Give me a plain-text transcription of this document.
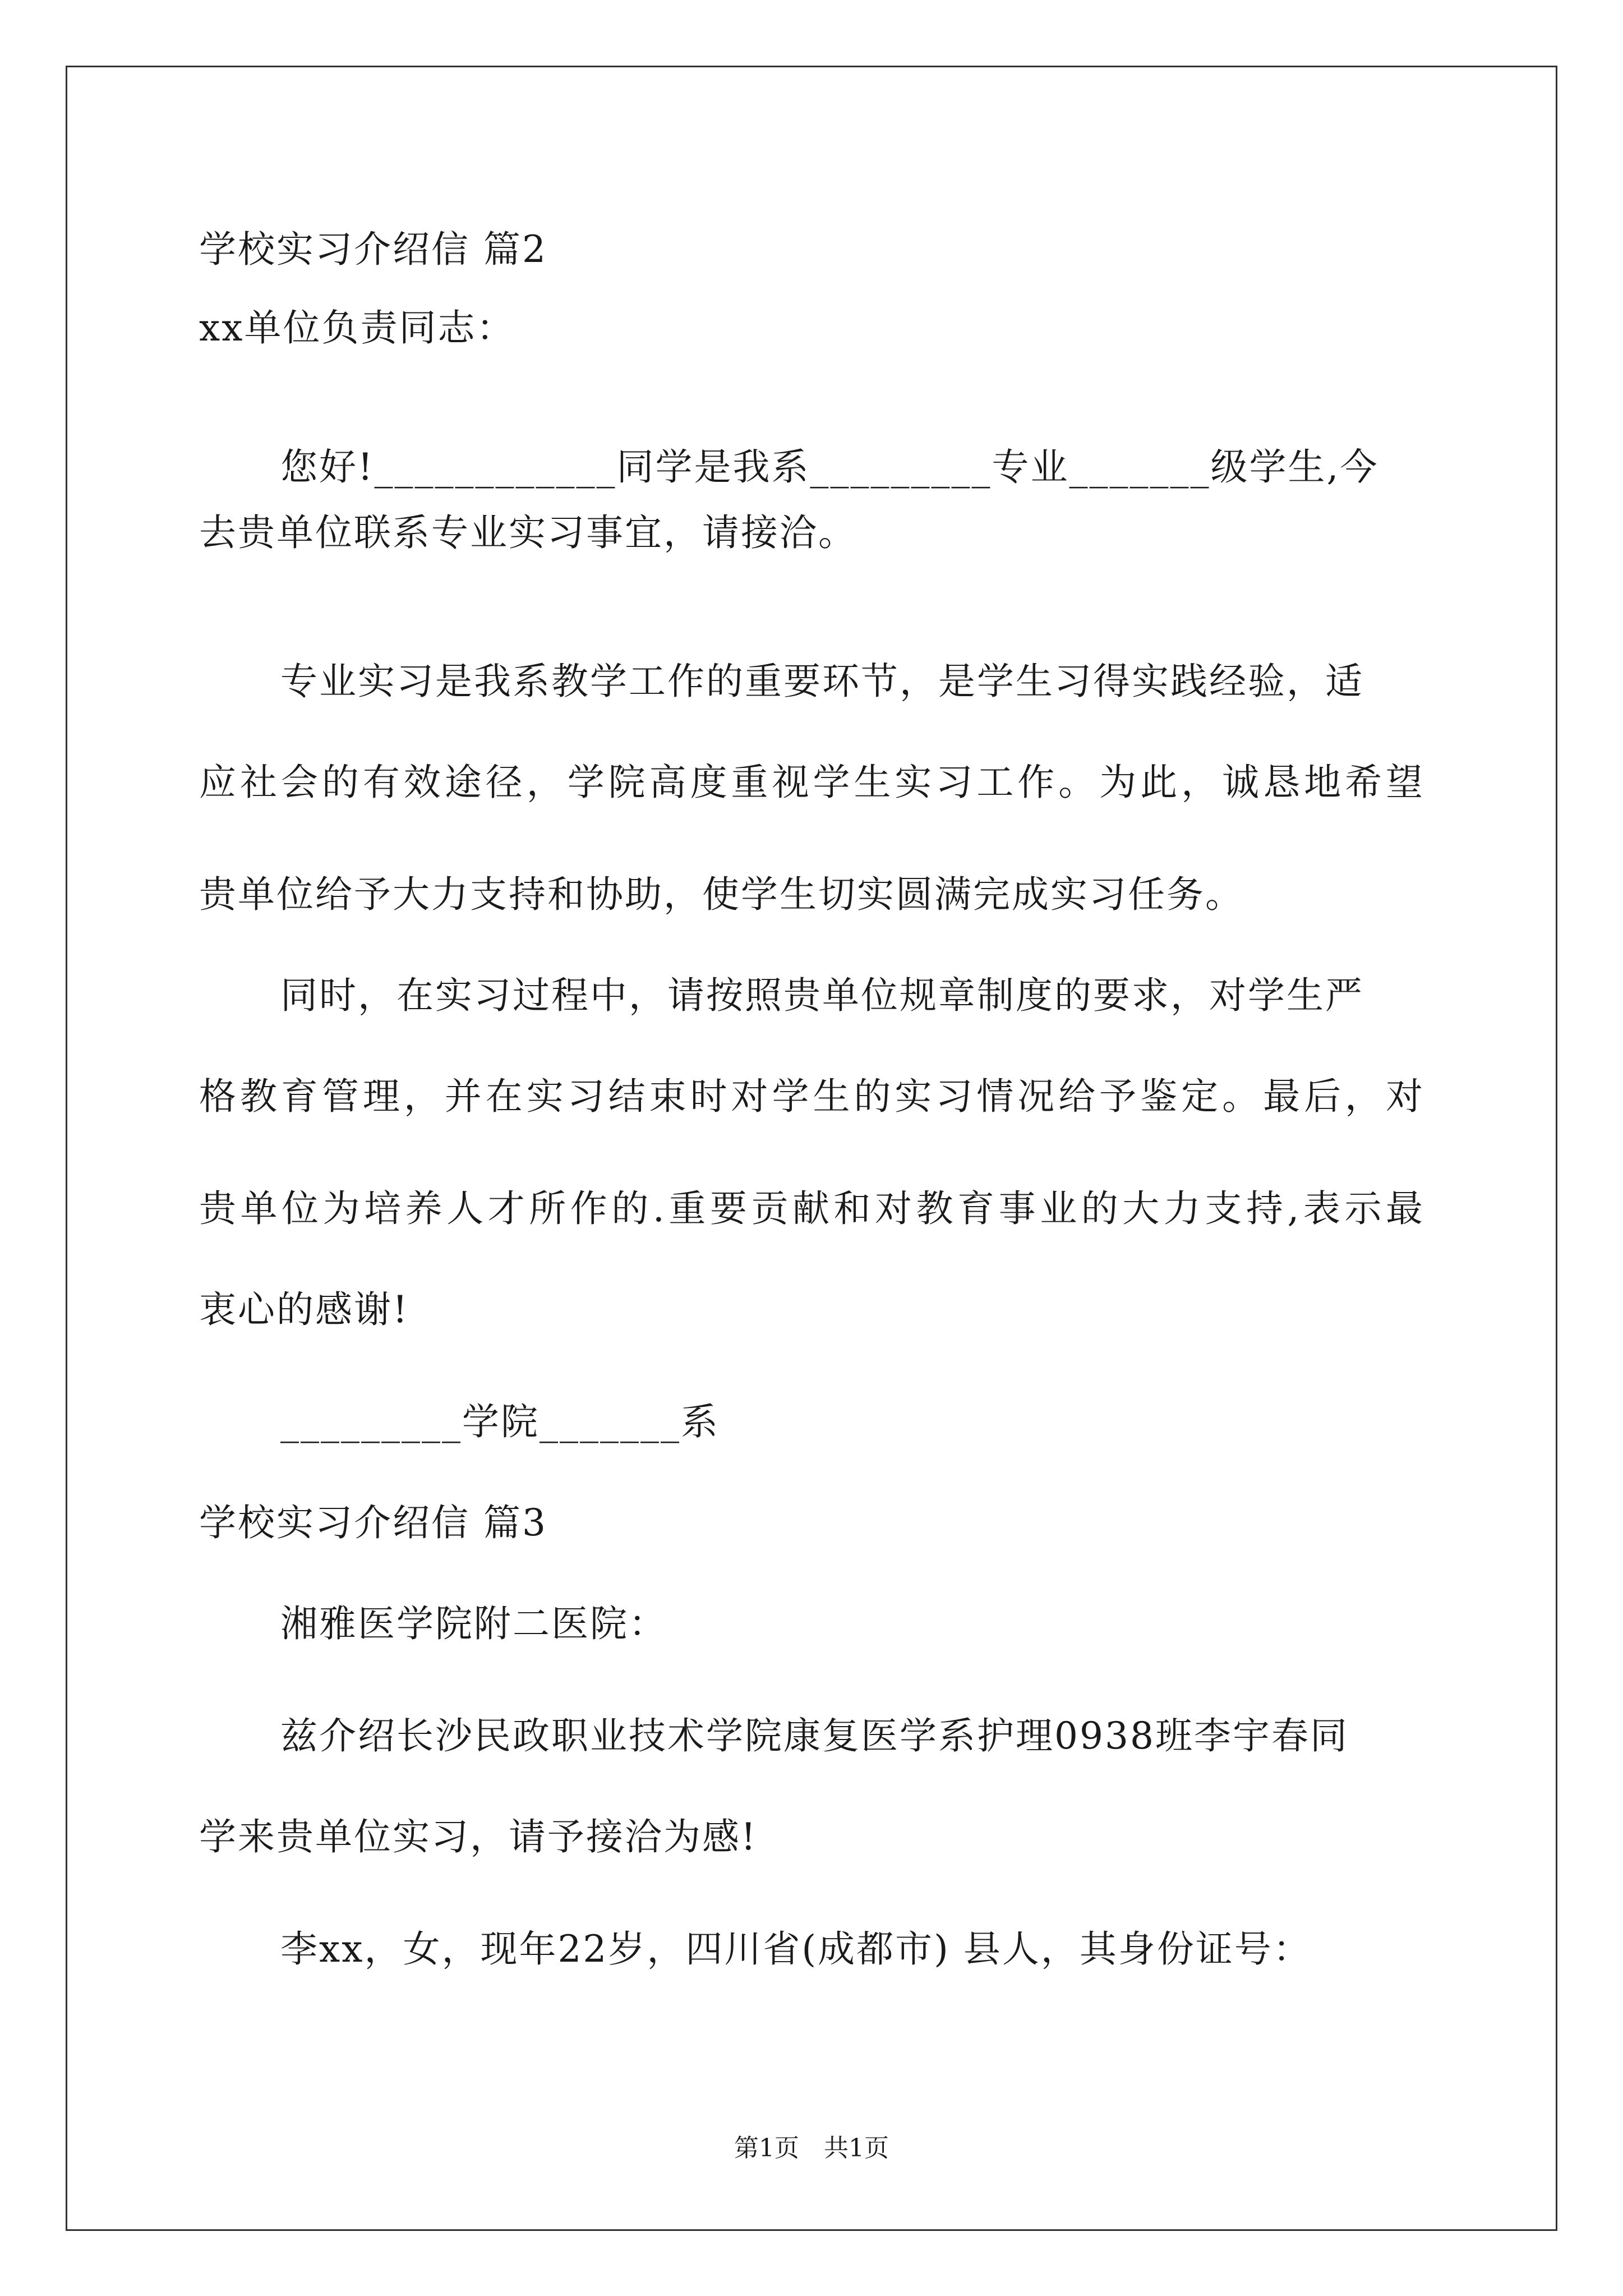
学校实习介绍信 篇2
xx单位负责同志：
您好!____________同学是我系_________专业_______级学生,今
去贵单位联系专业实习事宜，请接洽。
专业实习是我系教学工作的重要环节，是学生习得实践经验，适
应社会的有效途径，学院高度重视学生实习工作。为此，诚恳地希望
贵单位给予大力支持和协助，使学生切实圆满完成实习任务。
同时，在实习过程中，请按照贵单位规章制度的要求，对学生严
格教育管理，并在实习结束时对学生的实习情况给予鉴定。最后，对
贵单位为培养人才所作的.重要贡献和对教育事业的大力支持,表示最
衷心的感谢!
_________学院_______系
学校实习介绍信 篇3
湘雅医学院附二医院：
兹介绍长沙民政职业技术学院康复医学系护理0938班李宇春同
学来贵单位实习，请予接洽为感!
李xx，女，现年22岁，四川省(成都市) 县人，其身份证号：
第1页　共1页
